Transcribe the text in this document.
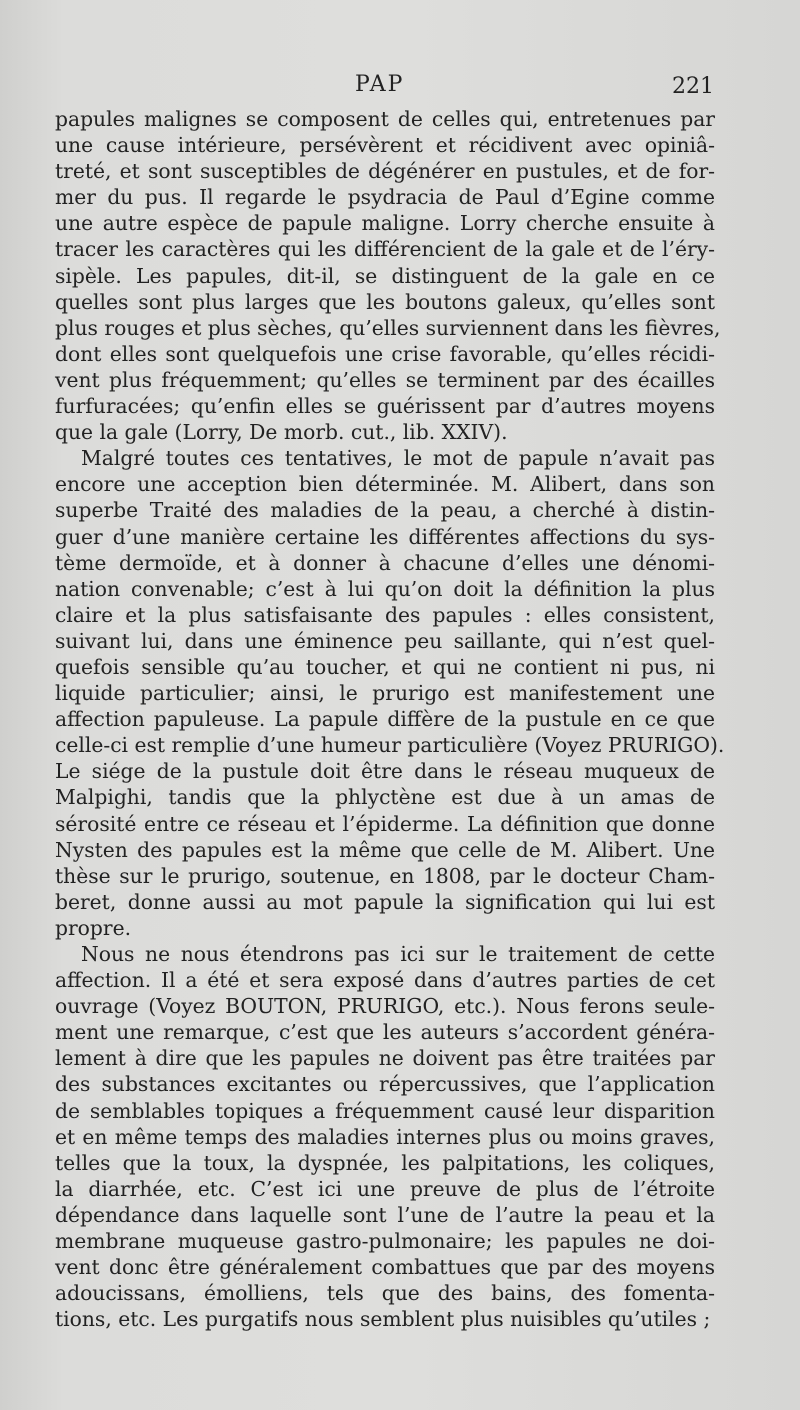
PAP	221
papules malignes se composent de celles qui, entretenues par
une cause intérieure, persévèrent et récidivent avec opiniâ-
treté, et sont susceptibles de dégénérer en pustules, et de for-
mer du pus. Il regarde le psydracia de Paul d’Egine comme
une autre espèce de papule maligne. Lorry cherche ensuite à
tracer les caractères qui les différencient de la gale et de l’éry-
sipèle. Les papules, dit-il, se distinguent de la gale en ce
quelles sont plus larges que les boutons galeux, qu’elles sont
plus rouges et plus sèches, qu’elles surviennent dans les fièvres,
dont elles sont quelquefois une crise favorable, qu’elles récidi-
vent plus fréquemment; qu’elles se terminent par des écailles
furfuracées; qu’enfin elles se guérissent par d’autres moyens
que la gale (Lorry, De morb. cut., lib. XXIV).
Malgré toutes ces tentatives, le mot de papule n’avait pas
encore une acception bien déterminée. M. Alibert, dans son
superbe Traité des maladies de la peau, a cherché à distin-
guer d’une manière certaine les différentes affections du sys-
tème dermoïde, et à donner à chacune d’elles une dénomi-
nation convenable; c’est à lui qu’on doit la définition la plus
claire et la plus satisfaisante des papules : elles consistent,
suivant lui, dans une éminence peu saillante, qui n’est quel-
quefois sensible qu’au toucher, et qui ne contient ni pus, ni
liquide particulier; ainsi, le prurigo est manifestement une
affection papuleuse. La papule diffère de la pustule en ce que
celle-ci est remplie d’une humeur particulière (Voyez PRURIGO).
Le siége de la pustule doit être dans le réseau muqueux de
Malpighi, tandis que la phlyctène est due à un amas de
sérosité entre ce réseau et l’épiderme. La définition que donne
Nysten des papules est la même que celle de M. Alibert. Une
thèse sur le prurigo, soutenue, en 1808, par le docteur Cham-
beret, donne aussi au mot papule la signification qui lui est
propre.
Nous ne nous étendrons pas ici sur le traitement de cette
affection. Il a été et sera exposé dans d’autres parties de cet
ouvrage (Voyez BOUTON, PRURIGO, etc.). Nous ferons seule-
ment une remarque, c’est que les auteurs s’accordent généra-
lement à dire que les papules ne doivent pas être traitées par
des substances excitantes ou répercussives, que l’application
de semblables topiques a fréquemment causé leur disparition
et en même temps des maladies internes plus ou moins graves,
telles que la toux, la dyspnée, les palpitations, les coliques,
la diarrhée, etc. C’est ici une preuve de plus de l’étroite
dépendance dans laquelle sont l’une de l’autre la peau et la
membrane muqueuse gastro-pulmonaire; les papules ne doi-
vent donc être généralement combattues que par des moyens
adoucissans, émolliens, tels que des bains, des fomenta-
tions, etc. Les purgatifs nous semblent plus nuisibles qu’utiles ;
